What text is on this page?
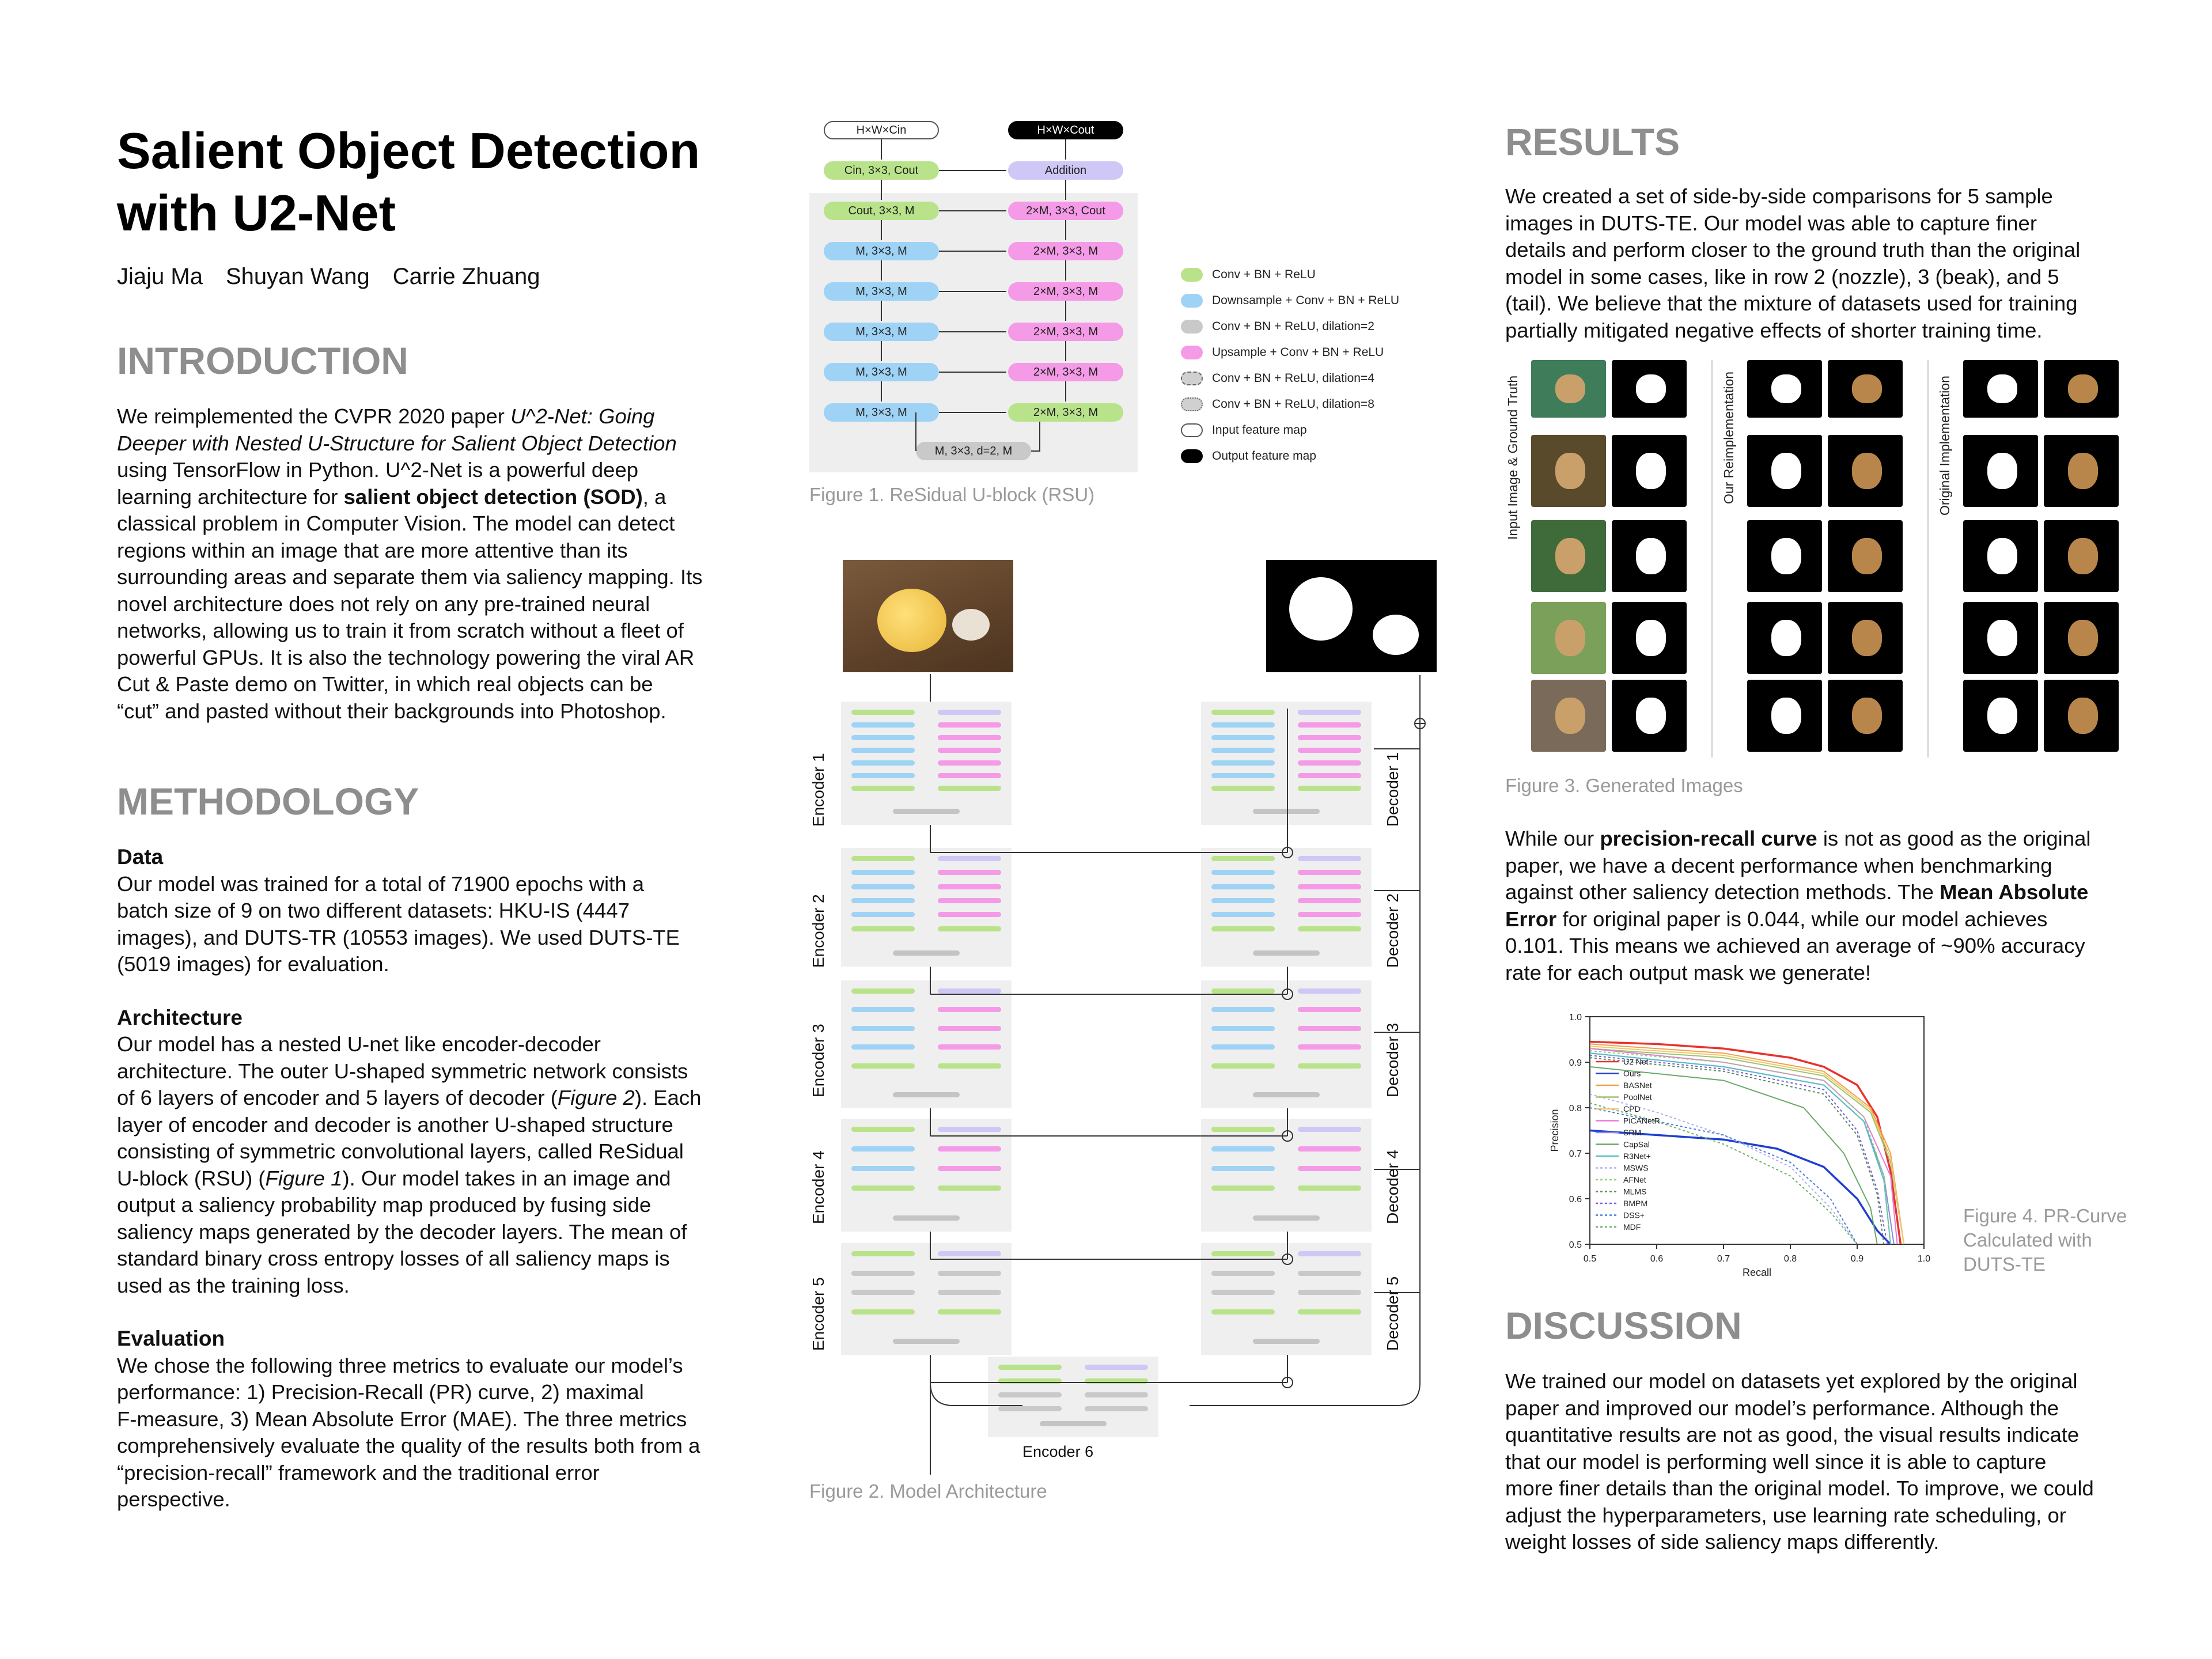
Salient Object Detection
with U2-Net
Jiaju Ma Shuyan Wang Carrie Zhuang
INTRODUCTION
We reimplemented the CVPR 2020 paper U^2-Net: Going
Deeper with Nested U-Structure for Salient Object Detection
using TensorFlow in Python. U^2-Net is a powerful deep
learning architecture for salient object detection (SOD), a
classical problem in Computer Vision. The model can detect
regions within an image that are more attentive than its
surrounding areas and separate them via saliency mapping. Its
novel architecture does not rely on any pre-trained neural
networks, allowing us to train it from scratch without a fleet of
powerful GPUs. It is also the technology powering the viral AR
Cut & Paste demo on Twitter, in which real objects can be
“cut” and pasted without their backgrounds into Photoshop.
METHODOLOGY
Data
Our model was trained for a total of 71900 epochs with a
batch size of 9 on two different datasets: HKU-IS (4447
images), and DUTS-TR (10553 images). We used DUTS-TE
(5019 images) for evaluation.
Architecture
Our model has a nested U-net like encoder-decoder
architecture. The outer U-shaped symmetric network consists
of 6 layers of encoder and 5 layers of decoder (Figure 2). Each
layer of encoder and decoder is another U-shaped structure
consisting of symmetric convolutional layers, called ReSidual
U-block (RSU) (Figure 1). Our model takes in an image and
output a saliency probability map produced by fusing side
saliency maps generated by the decoder layers. The mean of
standard binary cross entropy losses of all saliency maps is
used as the training loss.
Evaluation
We chose the following three metrics to evaluate our model’s
performance: 1) Precision-Recall (PR) curve, 2) maximal
F-measure, 3) Mean Absolute Error (MAE). The three metrics
comprehensively evaluate the quality of the results both from a
“precision-recall” framework and the traditional error
perspective.
H×W×Cin	H×W×Cout
Cin, 3×3, Cout
Cout, 3×3, M
M, 3×3, M
M, 3×3, M
M, 3×3, M
M, 3×3, M
M, 3×3, M
Addition
2×M, 3×3, Cout
2×M, 3×3, M
2×M, 3×3, M
2×M, 3×3, M
2×M, 3×3, M
2×M, 3×3, M
M, 3×3, d=2, M
Figure 1. ReSidual U-block (RSU)
Conv + BN + ReLU
Downsample + Conv + BN + ReLU
Conv + BN + ReLU, dilation=2
Upsample + Conv + BN + ReLU
Conv + BN + ReLU, dilation=4
Conv + BN + ReLU, dilation=8
Input feature map
Output feature map
Encoder 1
Encoder 2
Encoder 3
Encoder 4
Encoder 5
Decoder 1
Decoder 2
Decoder 3
Decoder 4
Decoder 5
Encoder 6
Figure 2. Model Architecture
RESULTS
We created a set of side-by-side comparisons for 5 sample
images in DUTS-TE. Our model was able to capture finer
details and perform closer to the ground truth than the original
model in some cases, like in row 2 (nozzle), 3 (beak), and 5
(tail). We believe that the mixture of datasets used for training
partially mitigated negative effects of shorter training time.
Input Image & Ground Truth	Our Reimplementation	Original Implementation
Figure 3. Generated Images
While our precision-recall curve is not as good as the original
paper, we have a decent performance when benchmarking
against other saliency detection methods. The Mean Absolute
Error for original paper is 0.044, while our model achieves
0.101. This means we achieved an average of ~90% accuracy
rate for each output mask we generate!
0.5	0.6	0.7	0.8	0.9	1.0
0.5
0.6
0.7
0.8
0.9
1.0
Recall
Precision
U2 Net
Ours
BASNet
PoolNet
CPD
PiCANetR
SRM
CapSal
R3Net+
MSWS
AFNet
MLMS
BMPM
DSS+
MDF
Figure 4. PR-Curve
Calculated with
DUTS-TE
DISCUSSION
We trained our model on datasets yet explored by the original
paper and improved our model’s performance. Although the
quantitative results are not as good, the visual results indicate
that our model is performing well since it is able to capture
more finer details than the original model. To improve, we could
adjust the hyperparameters, use learning rate scheduling, or
weight losses of side saliency maps differently.
